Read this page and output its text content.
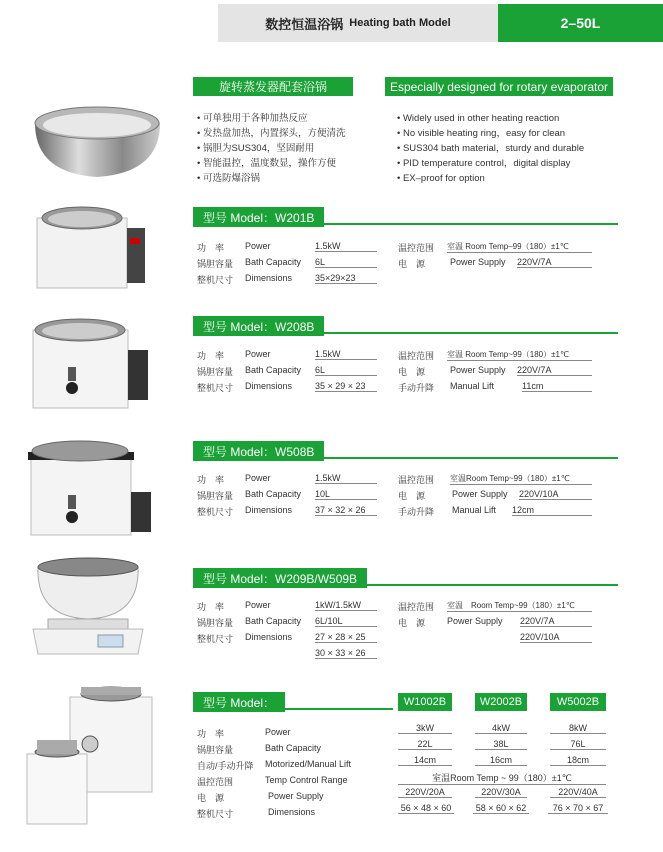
数控恒温浴锅 Heating bath Model	2–50L
旋转蒸发器配套浴锅	Especially designed for rotary evaporator
• 可单独用于各种加热反应
• 发热盘加热，内置探头，方便清洗
• 锅胆为SUS304，坚固耐用
• 智能温控，温度数显，操作方便
• 可选防爆浴锅
• Widely used in other heating reaction
• No visible heating ring，easy for clean
• SUS304 bath material，sturdy and durable
• PID temperature control，digital display
• EX–proof for option
型号 Model：W201B
功　率 Power	1.5kW
锅胆容量 Bath Capacity 6L
整机尺寸 Dimensions	35×29×23
温控范围 室温 Room Temp–99（180）±1℃
电　源	Power Supply 220V/7A
型号 Model：W208B
功　率 Power	1.5kW
锅胆容量 Bath Capacity 6L
整机尺寸 Dimensions	35 × 29 × 23
温控范围 室温 Room Temp~99（180）±1℃
电　源	Power Supply 220V/7A
手动升降 Manual Lift	11cm
型号 Model：W508B
功　率 Power	1.5kW
锅胆容量 Bath Capacity 10L
整机尺寸 Dimensions	37 × 32 × 26
温控范围 室温Room Temp~99（180）±1℃
电　源	Power Supply 220V/10A
手动升降 Manual Lift 12cm
型号 Model：W209B/W509B
功　率 Power	1kW/1.5kW
锅胆容量 Bath Capacity 6L/10L
整机尺寸 Dimensions	27 × 28 × 25
30 × 33 × 26
温控范围 室温　Room Temp~99（180）±1℃
电　源 Power Supply 220V/7A
220V/10A
型号 Model：	W1002B	W2002B	W5002B
功　率	Power	3kW	4kW	8kW
锅胆容量	Bath Capacity	22L	38L	76L
自动/手动升降 Motorized/Manual Lift	14cm	16cm	18cm
温控范围	Temp Control Range	室温Room Temp ~ 99（180）±1℃
电　源	Power Supply	220V/20A	220V/30A	220V/40A
整机尺寸	Dimensions	56 × 48 × 60	58 × 60 × 62	76 × 70 × 67
